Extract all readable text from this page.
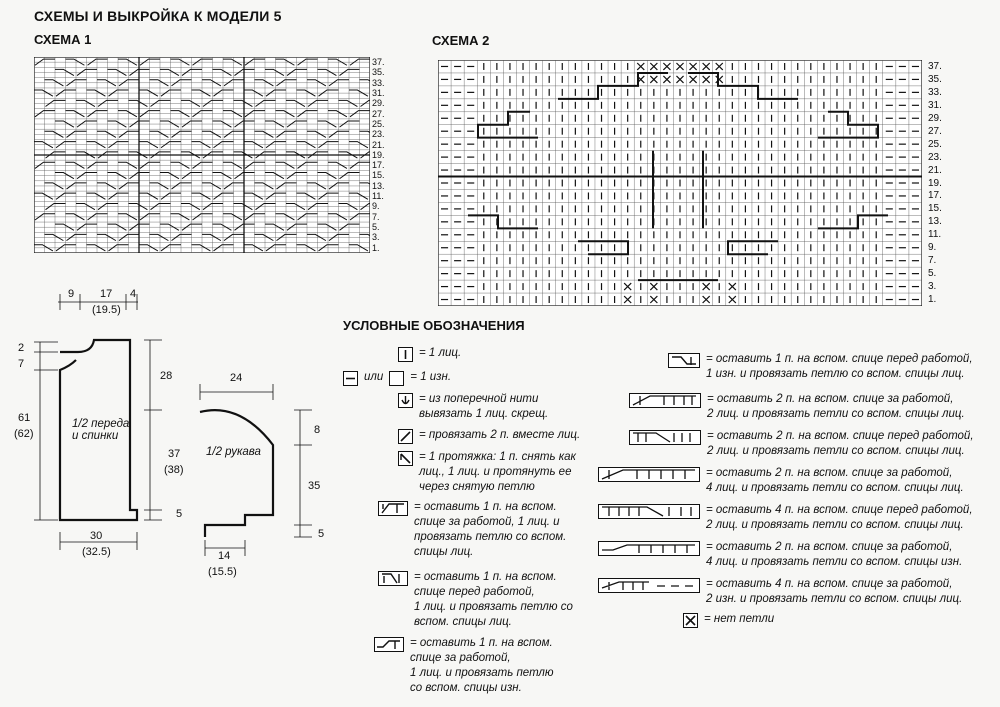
СХЕМЫ И ВЫКРОЙКА К МОДЕЛИ 5
СХЕМА 1	СХЕМА 2
37.
35.
33.
31.
29.
27.
25.
23.
21.
19.
17.
15.
13.
11.
9.
7.
5.
3.
1.
37.
35.
33.
31.
29.
27.
25.
23.
21.
19.
17.
15.
13.
11.
9.
7.
5.
3.
1.
УСЛОВНЫЕ ОБОЗНАЧЕНИЯ
= 1 лиц.
или = 1 изн.
= из поперечной нити
вывязать 1 лиц. скрещ.
= провязать 2 п. вместе лиц.
= 1 протяжка: 1 п. снять как
лиц., 1 лиц. и протянуть ее
через снятую петлю
= оставить 1 п. на вспом.
спице за работой, 1 лиц. и
провязать петлю со вспом.
спицы лиц.
= оставить 1 п. на вспом.
спице перед работой,
1 лиц. и провязать петлю со
вспом. спицы лиц.
= оставить 1 п. на вспом.
спице за работой,
1 лиц. и провязать петлю
со вспом. спицы изн.
= оставить 1 п. на вспом. спице перед работой,
1 изн. и провязать петлю со вспом. спицы лиц.
= оставить 2 п. на вспом. спице за работой,
2 лиц. и провязать петли со вспом. спицы лиц.
= оставить 2 п. на вспом. спице перед работой,
2 лиц. и провязать петли со вспом. спицы лиц.
= оставить 2 п. на вспом. спице за работой,
4 лиц. и провязать петли со вспом. спицы лиц.
= оставить 4 п. на вспом. спице перед работой,
2 лиц. и провязать петли со вспом. спицы лиц.
= оставить 2 п. на вспом. спице за работой,
4 лиц. и провязать петли со вспом. спицы изн.
= оставить 4 п. на вспом. спице за работой,
2 изн. и провязать петли со вспом. спицы лиц.
= нет петли
9 17
(19.5)
4
2
7
61
(62)
28
37
(38)
5
30
(32.5)
1/2 переда
и спинки
24
8
35
5
14
(15.5)
1/2 рукава
